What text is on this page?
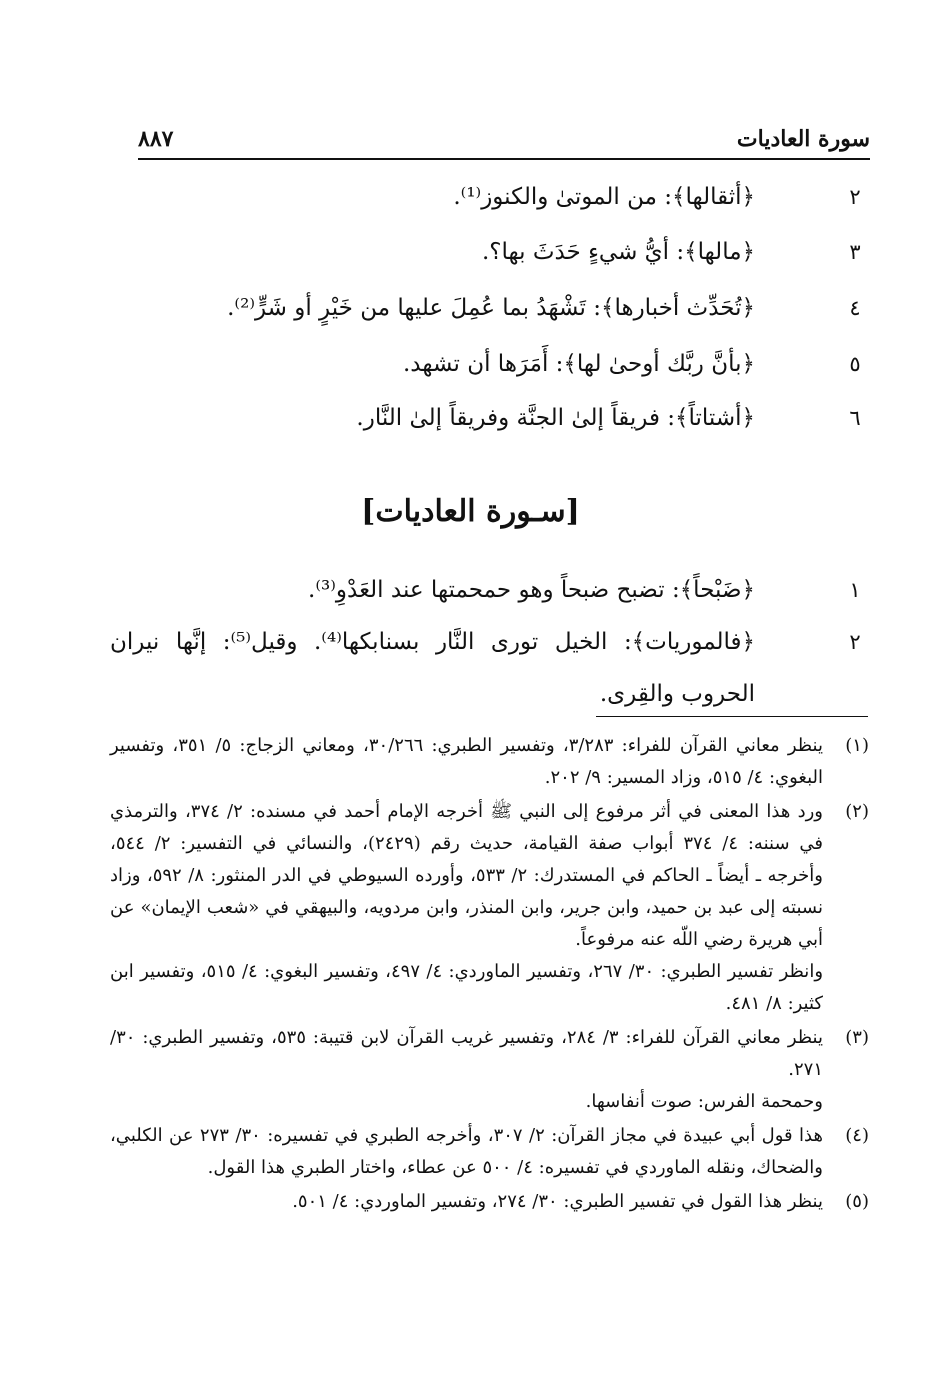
سورة العاديات
٨٨٧
٢
﴿أثقالها﴾: من الموتىٰ والكنوز⁽¹⁾.
٣
﴿مالها﴾: أيُّ شيءٍ حَدَثَ بها؟.
٤
﴿تُحَدِّث أخبارها﴾: تَشْهَدُ بما عُمِلَ عليها من خَيْرٍ أو شَرٍّ⁽²⁾.
٥
﴿بأنَّ ربَّك أوحىٰ لها﴾: أَمَرَها أن تشهد.
٦
﴿أشتاتاً﴾: فريقاً إلىٰ الجنَّة وفريقاً إلىٰ النَّار.
[سـورة العاديات]
١
﴿ضَبْحاً﴾: تضبح ضبحاً وهو حمحمتها عند العَدْوِ⁽³⁾.
٢
﴿فالموريات﴾: الخيل تورى النَّار بسنابكها⁽⁴⁾. وقيل⁽⁵⁾: إنَّها نيران الحروب والقِرى.
(١)
ينظر معاني القرآن للفراء: ٣/٢٨٣، وتفسير الطبري: ٣٠/٢٦٦، ومعاني الزجاج: ٥/ ٣٥١، وتفسير البغوي: ٤/ ٥١٥، وزاد المسير: ٩/ ٢٠٢.
(٢)
ورد هذا المعنى في أثر مرفوع إلى النبي ﷺ أخرجه الإمام أحمد في مسنده: ٢/ ٣٧٤، والترمذي في سننه: ٤/ ٣٧٤ أبواب صفة القيامة، حديث رقم (٢٤٢٩)، والنسائي في التفسير: ٢/ ٥٤٤، وأخرجه ـ أيضاً ـ الحاكم في المستدرك: ٢/ ٥٣٣، وأورده السيوطي في الدر المنثور: ٨/ ٥٩٢، وزاد نسبته إلى عبد بن حميد، وابن جرير، وابن المنذر، وابن مردويه، والبيهقي في «شعب الإيمان» عن أبي هريرة رضي اللّه عنه مرفوعاً.
وانظر تفسير الطبري: ٣٠/ ٢٦٧، وتفسير الماوردي: ٤/ ٤٩٧، وتفسير البغوي: ٤/ ٥١٥، وتفسير ابن كثير: ٨/ ٤٨١.
(٣)
ينظر معاني القرآن للفراء: ٣/ ٢٨٤، وتفسير غريب القرآن لابن قتيبة: ٥٣٥، وتفسير الطبري: ٣٠/ ٢٧١.
وحمحمة الفرس: صوت أنفاسها.
(٤)
هذا قول أبي عبيدة في مجاز القرآن: ٢/ ٣٠٧، وأخرجه الطبري في تفسيره: ٣٠/ ٢٧٣ عن الكلبي، والضحاك، ونقله الماوردي في تفسيره: ٤/ ٥٠٠ عن عطاء، واختار الطبري هذا القول.
(٥)
ينظر هذا القول في تفسير الطبري: ٣٠/ ٢٧٤، وتفسير الماوردي: ٤/ ٥٠١.
